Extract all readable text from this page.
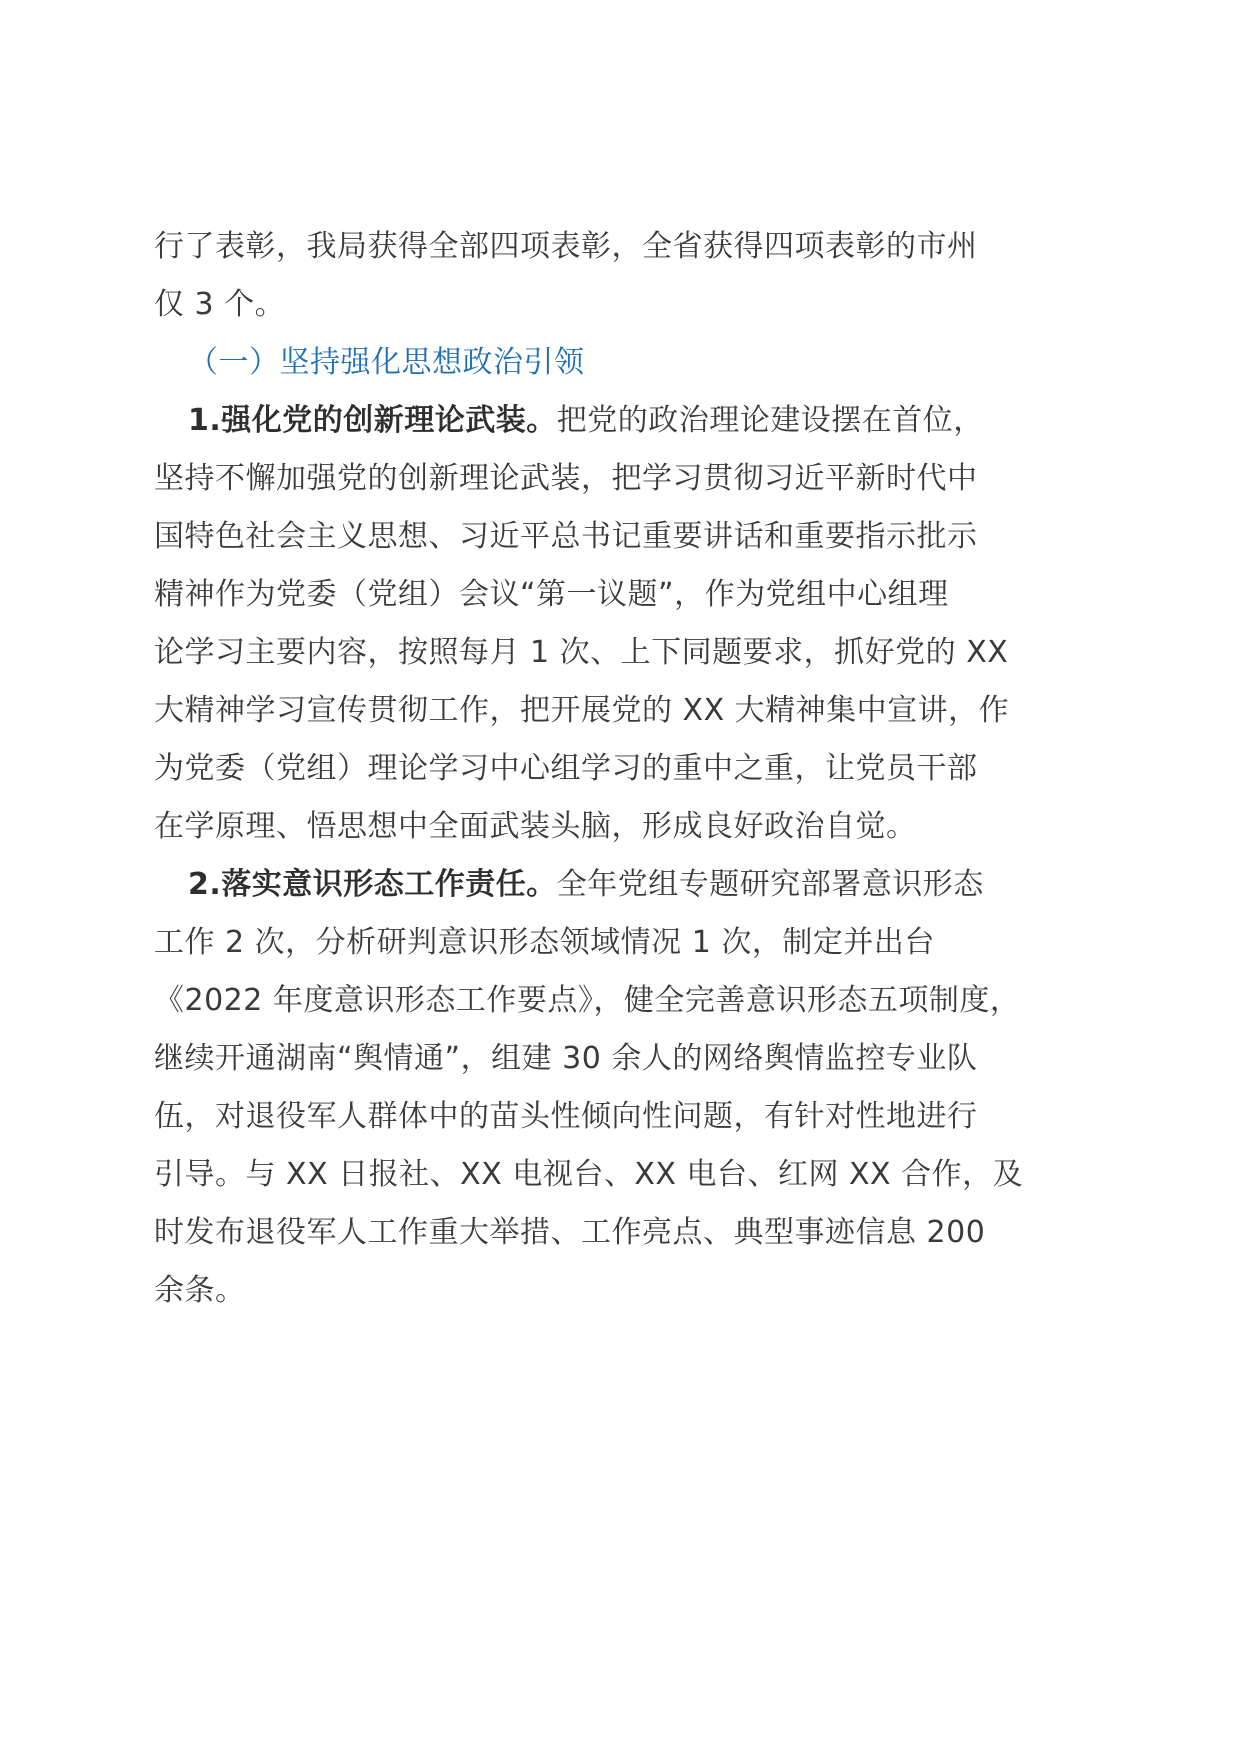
行了表彰，我局获得全部四项表彰，全省获得四项表彰的市州
仅 3 个。
（一）坚持强化思想政治引领
1.强化党的创新理论武装。把党的政治理论建设摆在首位，
坚持不懈加强党的创新理论武装，把学习贯彻习近平新时代中
国特色社会主义思想、习近平总书记重要讲话和重要指示批示
精神作为党委（党组）会议“第一议题”，作为党组中心组理
论学习主要内容，按照每月 1 次、上下同题要求，抓好党的 XX
大精神学习宣传贯彻工作，把开展党的 XX 大精神集中宣讲，作
为党委（党组）理论学习中心组学习的重中之重，让党员干部
在学原理、悟思想中全面武装头脑，形成良好政治自觉。
2.落实意识形态工作责任。全年党组专题研究部署意识形态
工作 2 次，分析研判意识形态领域情况 1 次，制定并出台
《2022 年度意识形态工作要点》，健全完善意识形态五项制度，
继续开通湖南“舆情通”，组建 30 余人的网络舆情监控专业队
伍，对退役军人群体中的苗头性倾向性问题，有针对性地进行
引导。与 XX 日报社、XX 电视台、XX 电台、红网 XX 合作，及
时发布退役军人工作重大举措、工作亮点、典型事迹信息 200
余条。
